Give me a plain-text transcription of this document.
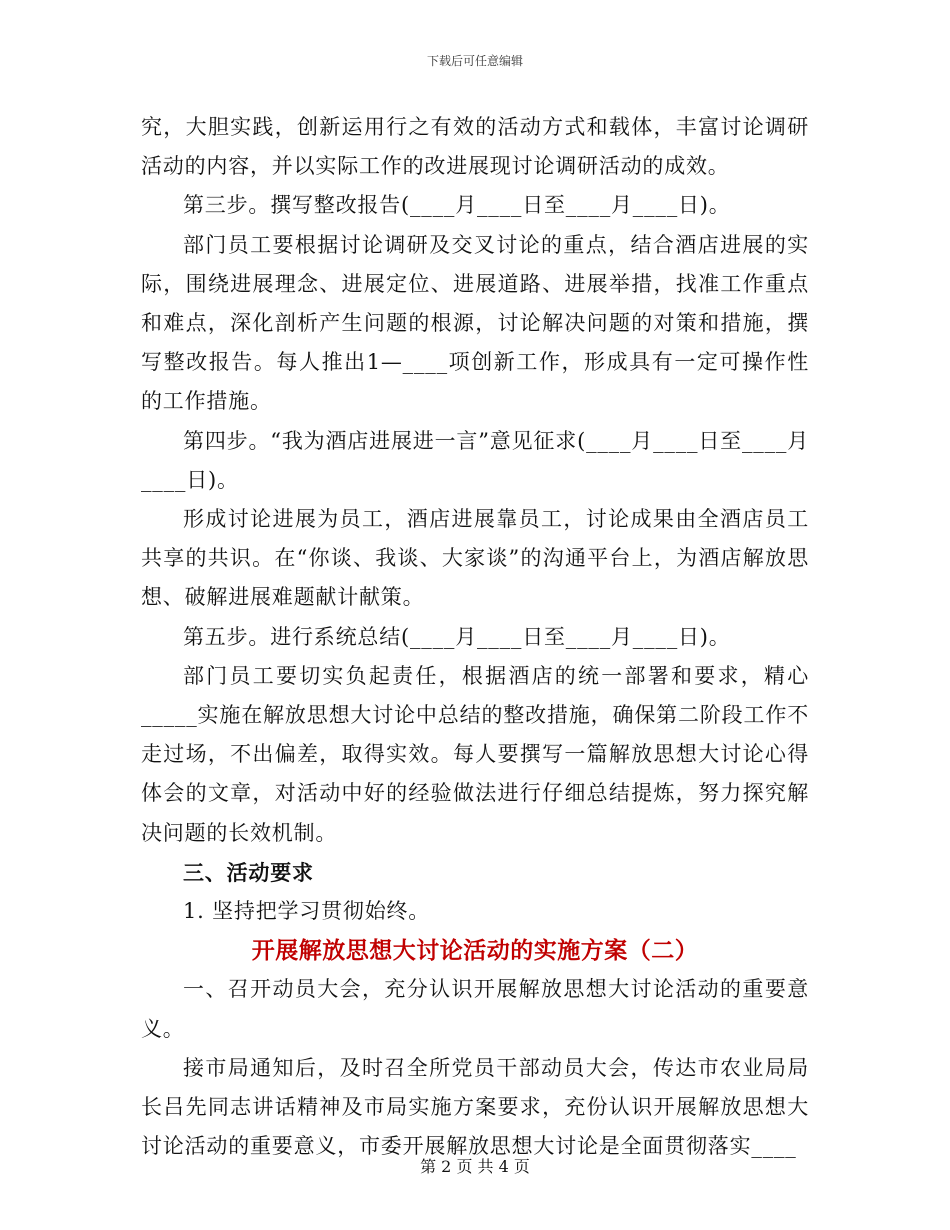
下载后可任意编辑

究，大胆实践，创新运用行之有效的活动方式和载体，丰富讨论调研活动的内容，并以实际工作的改进展现讨论调研活动的成效。

第三步。撰写整改报告(____月____日至____月____日)。

部门员工要根据讨论调研及交叉讨论的重点，结合酒店进展的实际，围绕进展理念、进展定位、进展道路、进展举措，找准工作重点和难点，深化剖析产生问题的根源，讨论解决问题的对策和措施，撰写整改报告。每人推出1—____项创新工作，形成具有一定可操作性的工作措施。

第四步。“我为酒店进展进一言”意见征求(____月____日至____月____日)。

形成讨论进展为员工，酒店进展靠员工，讨论成果由全酒店员工共享的共识。在“你谈、我谈、大家谈”的沟通平台上，为酒店解放思想、破解进展难题献计献策。

第五步。进行系统总结(____月____日至____月____日)。

部门员工要切实负起责任，根据酒店的统一部署和要求，精心_____实施在解放思想大讨论中总结的整改措施，确保第二阶段工作不走过场，不出偏差，取得实效。每人要撰写一篇解放思想大讨论心得体会的文章，对活动中好的经验做法进行仔细总结提炼，努力探究解决问题的长效机制。

三、活动要求

1. 坚持把学习贯彻始终。

开展解放思想大讨论活动的实施方案（二）

一、召开动员大会，充分认识开展解放思想大讨论活动的重要意义。

接市局通知后，及时召全所党员干部动员大会，传达市农业局局长吕先同志讲话精神及市局实施方案要求，充份认识开展解放思想大讨论活动的重要意义，市委开展解放思想大讨论是全面贯彻落实____

第 2 页 共 4 页
